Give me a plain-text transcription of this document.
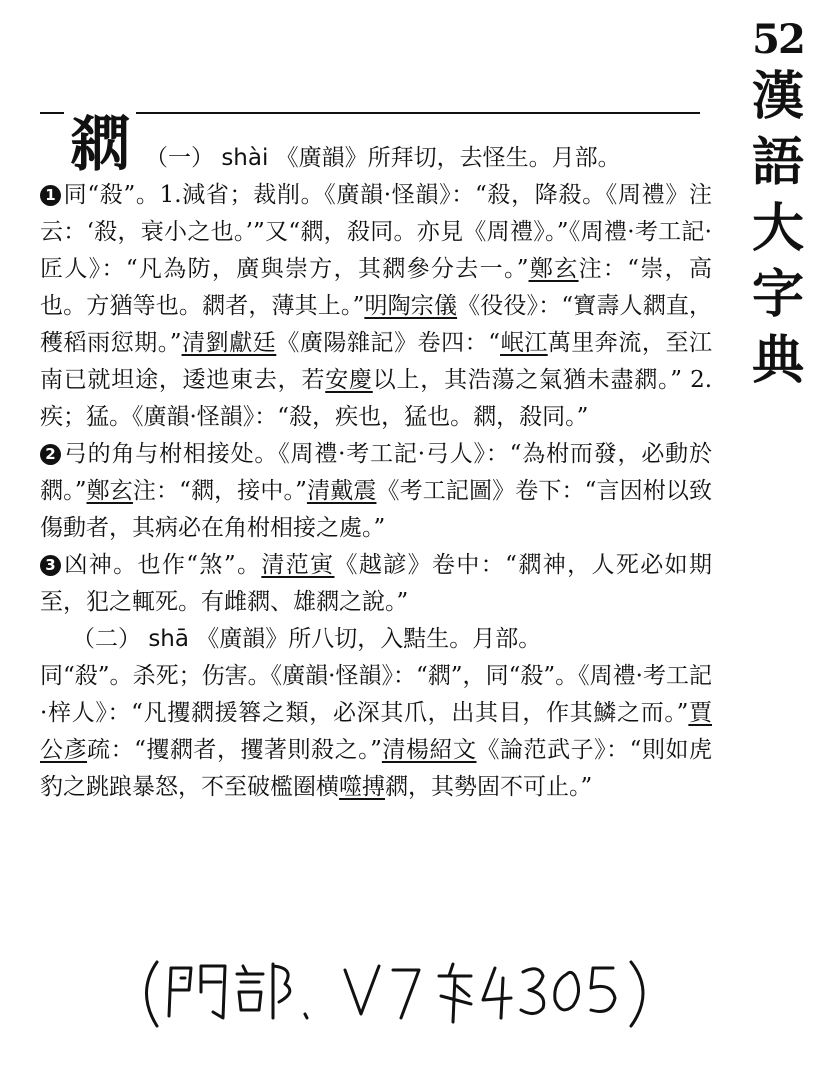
52
漢
語
大
字
典
閷 （一） shài 《廣韻》所拜切，去怪生。月部。
1 同“殺”。1.減省；裁削。《廣韻·怪韻》：“殺，降殺。《周禮》注云：‘殺，衰小之也。’”又“閷，殺同。亦見《周禮》。”《周禮·考工記·匠人》：“凡為防，廣與崇方，其閷參分去一。”鄭玄注：“崇，高也。方猶等也。閷者，薄其上。”明陶宗儀《役役》：“寶壽人閷直，穫稻雨愆期。”清劉獻廷《廣陽雜記》卷四：“岷江萬里奔流，至江南已就坦途，逶迆東去，若安慶以上，其浩蕩之氣猶未盡閷。” 2.疾；猛。《廣韻·怪韻》：“殺，疾也，猛也。閷，殺同。”
2 弓的角与柎相接处。《周禮·考工記·弓人》：“為柎而發，必動於閷。”鄭玄注：“閷，接中。”清戴震《考工記圖》卷下：“言因柎以致傷動者，其病必在角柎相接之處。”
3 凶神。也作“煞”。清范寅《越諺》卷中：“閷神，人死必如期至，犯之輒死。有雌閷、雄閷之說。”
（二） shā 《廣韻》所八切，入黠生。月部。
同“殺”。杀死；伤害。《廣韻·怪韻》：“閷”，同“殺”。《周禮·考工記·梓人》：“凡攫閷援簭之類，必深其爪，出其目，作其鱗之而。”賈公彥疏：“攫閷者，攫著則殺之。”清楊紹文《論范武子》：“則如虎豹之跳踉暴怒，不至破檻圈横噬搏閷，其勢固不可止。”
